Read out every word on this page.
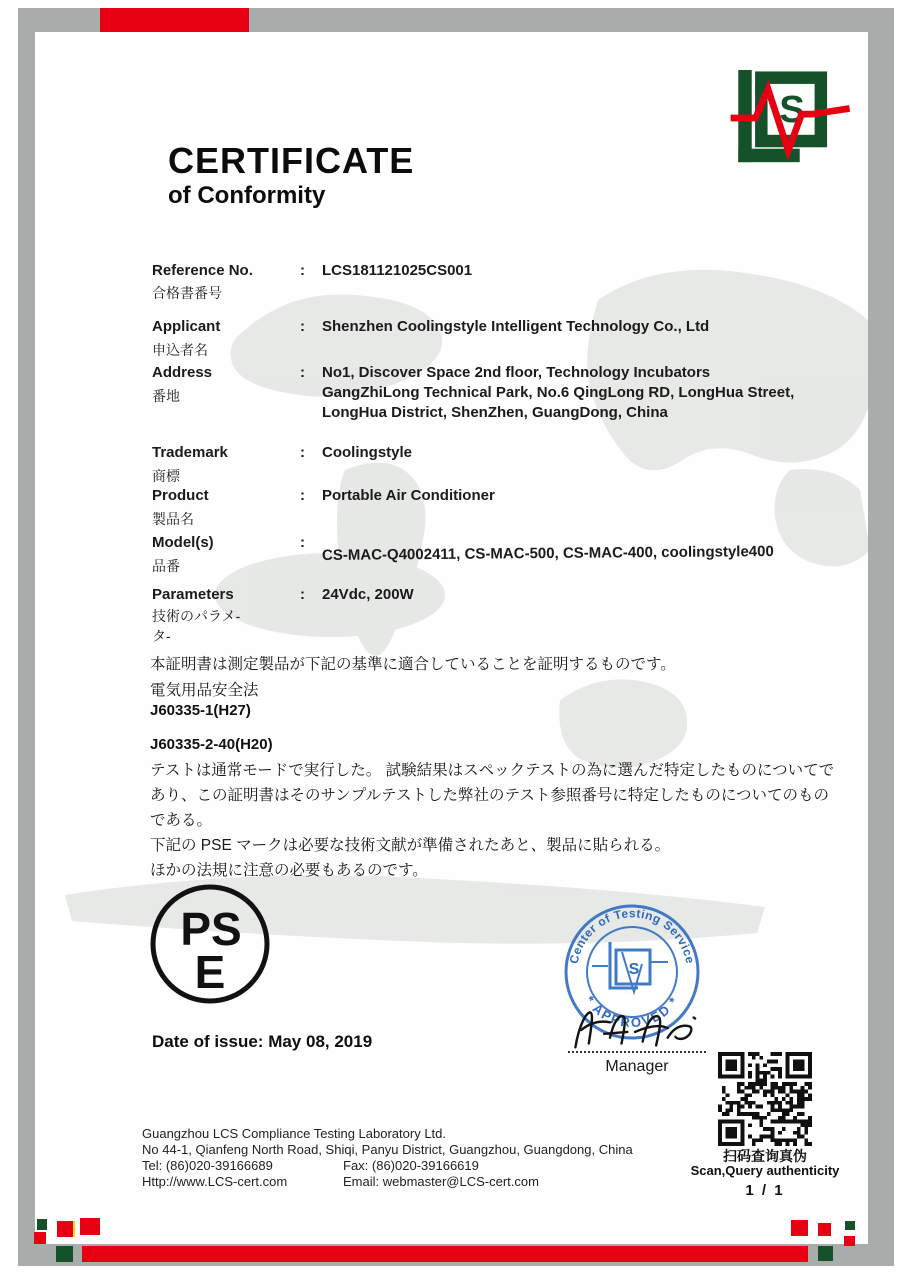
S
CERTIFICATE
of Conformity
Reference No.	: LCS181121025CS001
合格書番号
Applicant	: Shenzhen Coolingstyle Intelligent Technology Co., Ltd
申込者名
Address	: No1, Discover Space 2nd floor, Technology Incubators
GangZhiLong Technical Park, No.6 QingLong RD, LongHua Street,
LongHua District, ShenZhen, GuangDong, China
番地
Trademark	: Coolingstyle
商標
Product	: Portable Air Conditioner
製品名
Model(s)	:
CS-MAC-Q4002411, CS-MAC-500, CS-MAC-400, coolingstyle400
品番
Parameters	: 24Vdc, 200W
技術のパラメ-
タ-
本証明書は測定製品が下記の基準に適合していることを証明するものです。
電気用品安全法
J60335-1(H27)
J60335-2-40(H20)
テストは通常モードで実行した。 試験結果はスペックテストの為に選んだ特定したものについてであり、この証明書はそのサンプルテストした弊社のテスト参照番号に特定したものについてのものである。
下記の PSE マークは必要な技術文献が準備されたあと、製品に貼られる。
ほかの法規に注意の必要もあるのです。
PS
E	Center of Testing Service
* APPROVED *
S
Manager
Date of issue: May 08, 2019
Guangzhou LCS Compliance Testing Laboratory Ltd.
No 44-1, Qianfeng North Road, Shiqi, Panyu District, Guangzhou, Guangdong, China
Tel: (86)020-39166689	Fax: (86)020-39166619
Http://www.LCS-cert.com	Email: webmaster@LCS-cert.com
扫码查询真伪
Scan,Query authenticity
1 / 1
